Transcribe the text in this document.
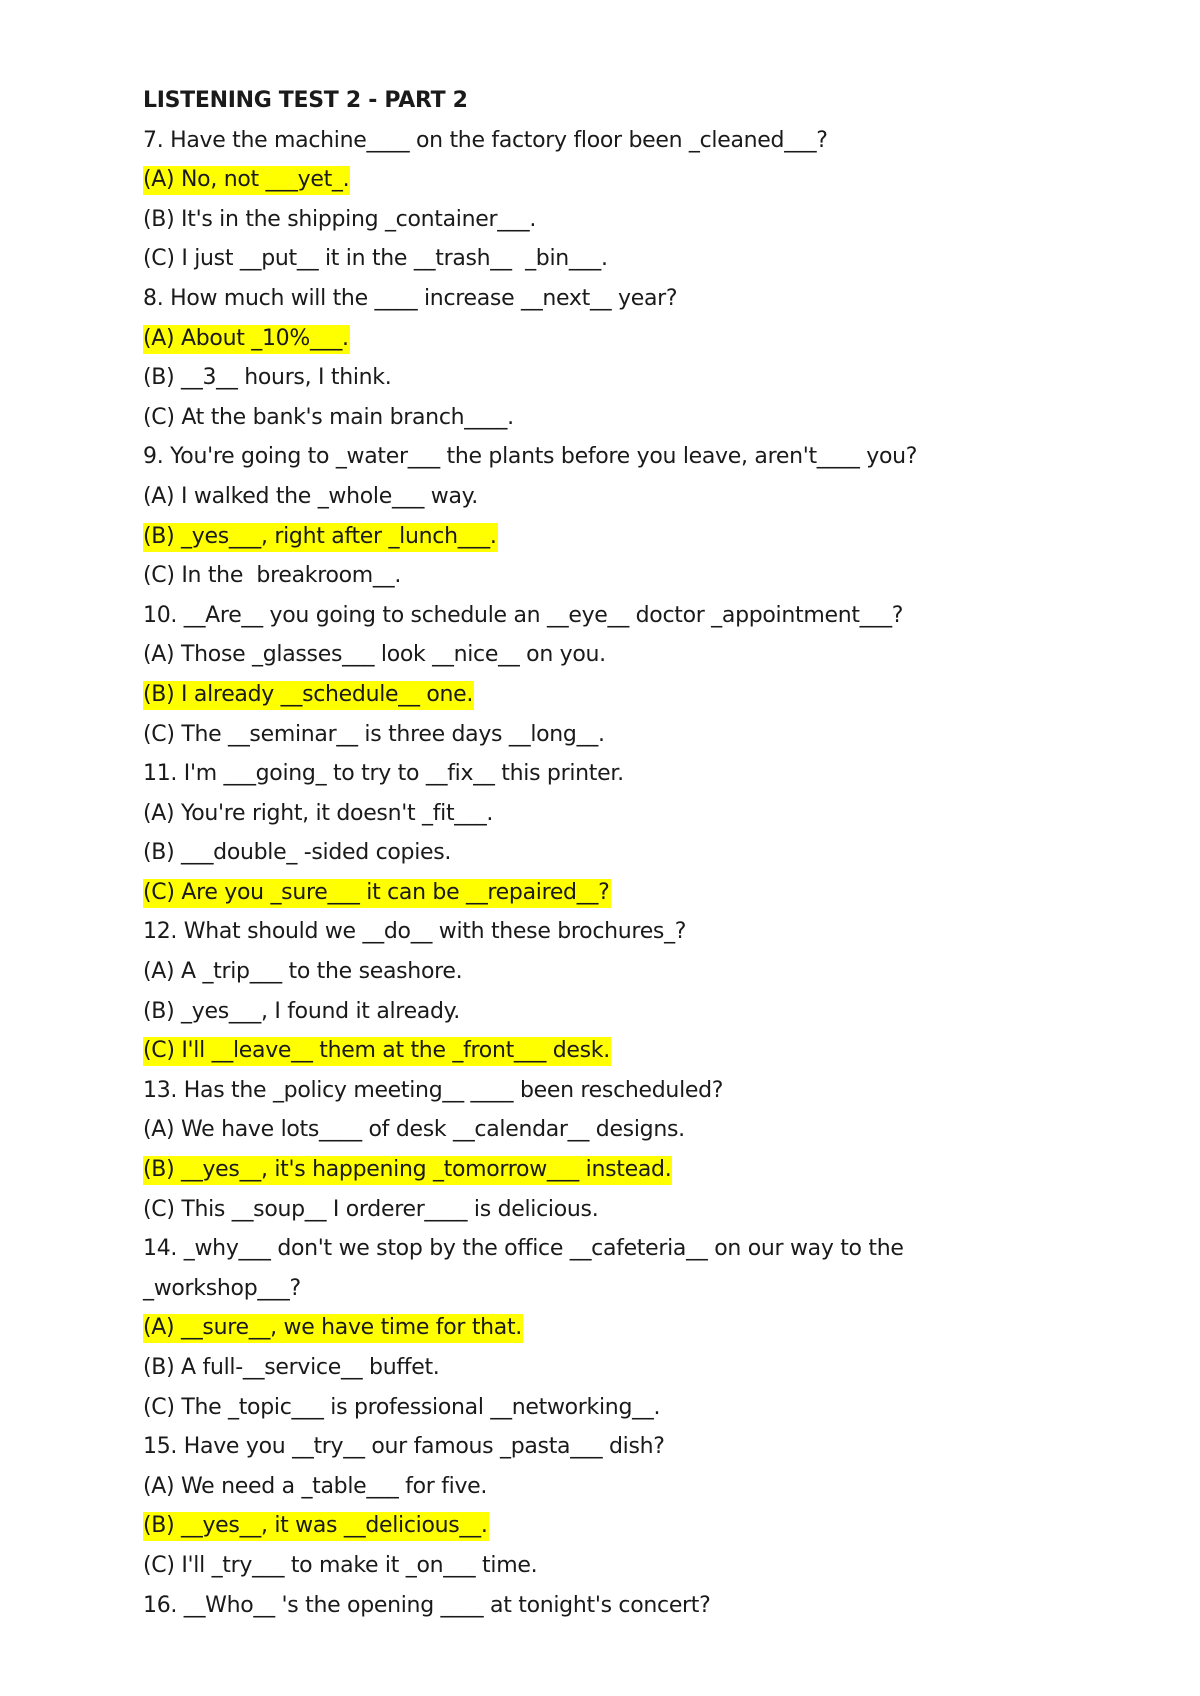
LISTENING TEST 2 - PART 2
7. Have the machine____ on the factory floor been _cleaned___?
(A) No, not ___yet_.
(B) It's in the shipping _container___.
(C) I just __put__ it in the __trash__  _bin___.
8. How much will the ____ increase __next__ year?
(A) About _10%___.
(B) __3__ hours, I think.
(C) At the bank's main branch____.
9. You're going to _water___ the plants before you leave, aren't____ you?
(A) I walked the _whole___ way.
(B) _yes___, right after _lunch___.
(C) In the  breakroom__.
10. __Are__ you going to schedule an __eye__ doctor _appointment___?
(A) Those _glasses___ look __nice__ on you.
(B) I already __schedule__ one.
(C) The __seminar__ is three days __long__.
11. I'm ___going_ to try to __fix__ this printer.
(A) You're right, it doesn't _fit___.
(B) ___double_ -sided copies.
(C) Are you _sure___ it can be __repaired__?
12. What should we __do__ with these brochures_?
(A) A _trip___ to the seashore.
(B) _yes___, I found it already.
(C) I'll __leave__ them at the _front___ desk.
13. Has the _policy meeting__ ____ been rescheduled?
(A) We have lots____ of desk __calendar__ designs.
(B) __yes__, it's happening _tomorrow___ instead.
(C) This __soup__ I orderer____ is delicious.
14. _why___ don't we stop by the office __cafeteria__ on our way to the
_workshop___?
(A) __sure__, we have time for that.
(B) A full-__service__ buffet.
(C) The _topic___ is professional __networking__.
15. Have you __try__ our famous _pasta___ dish?
(A) We need a _table___ for five.
(B) __yes__, it was __delicious__.
(C) I'll _try___ to make it _on___ time.
16. __Who__ 's the opening ____ at tonight's concert?
